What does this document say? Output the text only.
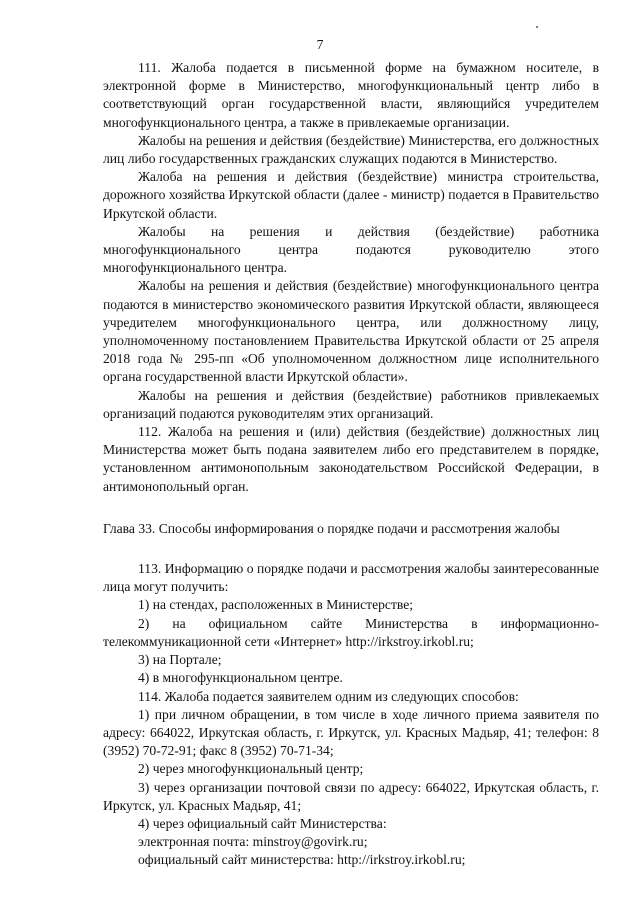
7

111. Жалоба подается в письменной форме на бумажном носителе, в электронной форме в Министерство, многофункциональный центр либо в соответствующий орган государственной власти, являющийся учредителем многофункционального центра, а также в привлекаемые организации.

Жалобы на решения и действия (бездействие) Министерства, его должностных лиц либо государственных гражданских служащих подаются в Министерство.

Жалоба на решения и действия (бездействие) министра строительства, дорожного хозяйства Иркутской области (далее - министр) подается в Правительство Иркутской области.

Жалобы на решения и действия (бездействие) работника многофункционального центра подаются руководителю этого многофункционального центра.

Жалобы на решения и действия (бездействие) многофункционального центра подаются в министерство экономического развития Иркутской области, являющееся учредителем многофункционального центра, или должностному лицу, уполномоченному постановлением Правительства Иркутской области от 25 апреля 2018 года № 295-пп «Об уполномоченном должностном лице исполнительного органа государственной власти Иркутской области».

Жалобы на решения и действия (бездействие) работников привлекаемых организаций подаются руководителям этих организаций.

112. Жалоба на решения и (или) действия (бездействие) должностных лиц Министерства может быть подана заявителем либо его представителем в порядке, установленном антимонопольным законодательством Российской Федерации, в антимонопольный орган.

Глава 33. Способы информирования о порядке подачи и рассмотрения жалобы

113. Информацию о порядке подачи и рассмотрения жалобы заинтересованные лица могут получить:

1) на стендах, расположенных в Министерстве;

2) на официальном сайте Министерства в информационно-телекоммуникационной сети «Интернет» http://irkstroy.irkobl.ru;

3) на Портале;

4) в многофункциональном центре.

114. Жалоба подается заявителем одним из следующих способов:

1) при личном обращении, в том числе в ходе личного приема заявителя по адресу: 664022, Иркутская область, г. Иркутск, ул. Красных Мадьяр, 41; телефон: 8 (3952) 70-72-91; факс 8 (3952) 70-71-34;

2) через многофункциональный центр;

3) через организации почтовой связи по адресу: 664022, Иркутская область, г. Иркутск, ул. Красных Мадьяр, 41;

4) через официальный сайт Министерства:

электронная почта: minstroy@govirk.ru;

официальный сайт министерства: http://irkstroy.irkobl.ru;
